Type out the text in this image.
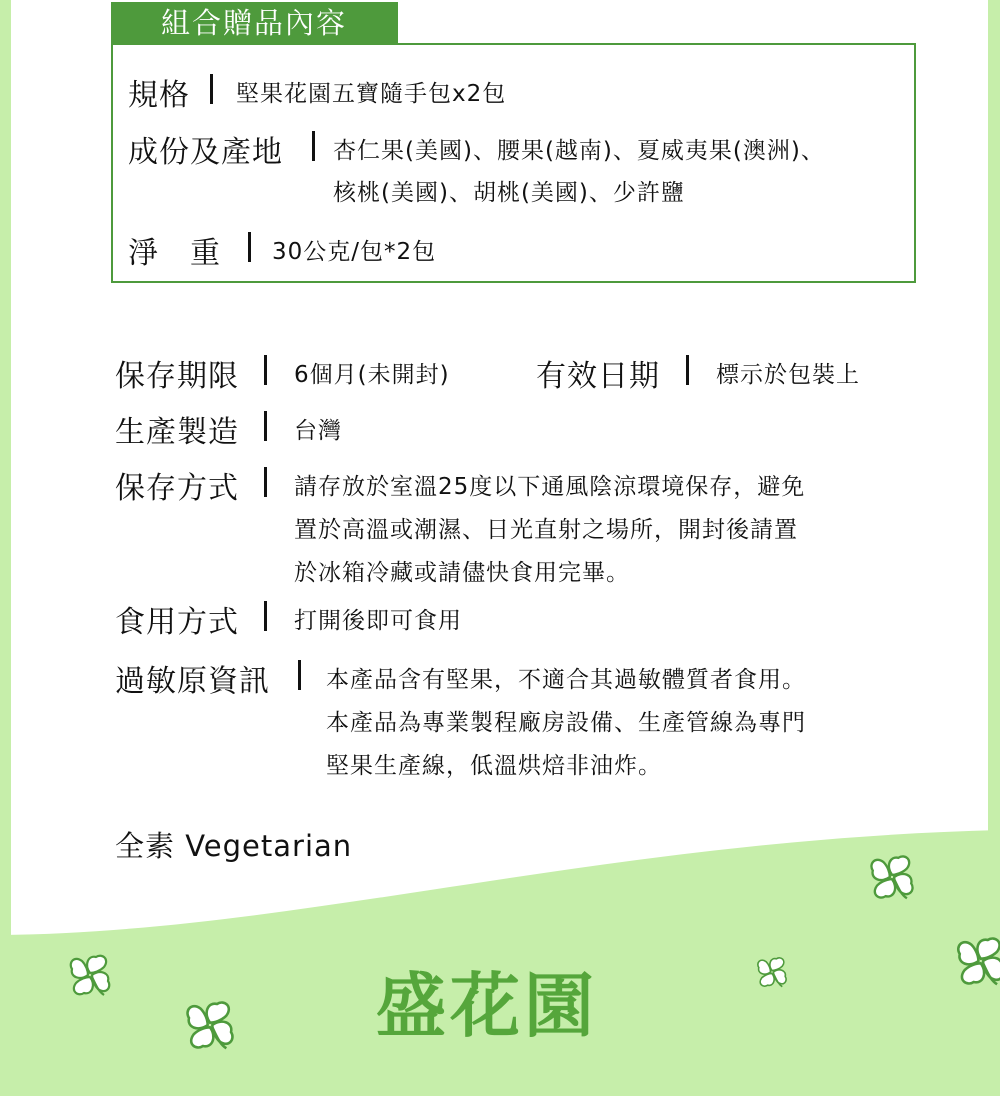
組合贈品內容
規格 堅果花園五寶隨手包x2包
成份及產地 杏仁果(美國)、腰果(越南)、夏威夷果(澳洲)、
核桃(美國)、胡桃(美國)、少許鹽
淨　重 30公克/包*2包
保存期限 6個月(未開封)	有效日期 標示於包裝上
生產製造 台灣
保存方式 請存放於室溫25度以下通風陰涼環境保存，避免
置於高溫或潮濕、日光直射之場所，開封後請置
於冰箱冷藏或請儘快食用完畢。
食用方式 打開後即可食用
過敏原資訊 本產品含有堅果，不適合其過敏體質者食用。
本產品為專業製程廠房設備、生產管線為專門
堅果生產線，低溫烘焙非油炸。
全素 Vegetarian
盛花園
